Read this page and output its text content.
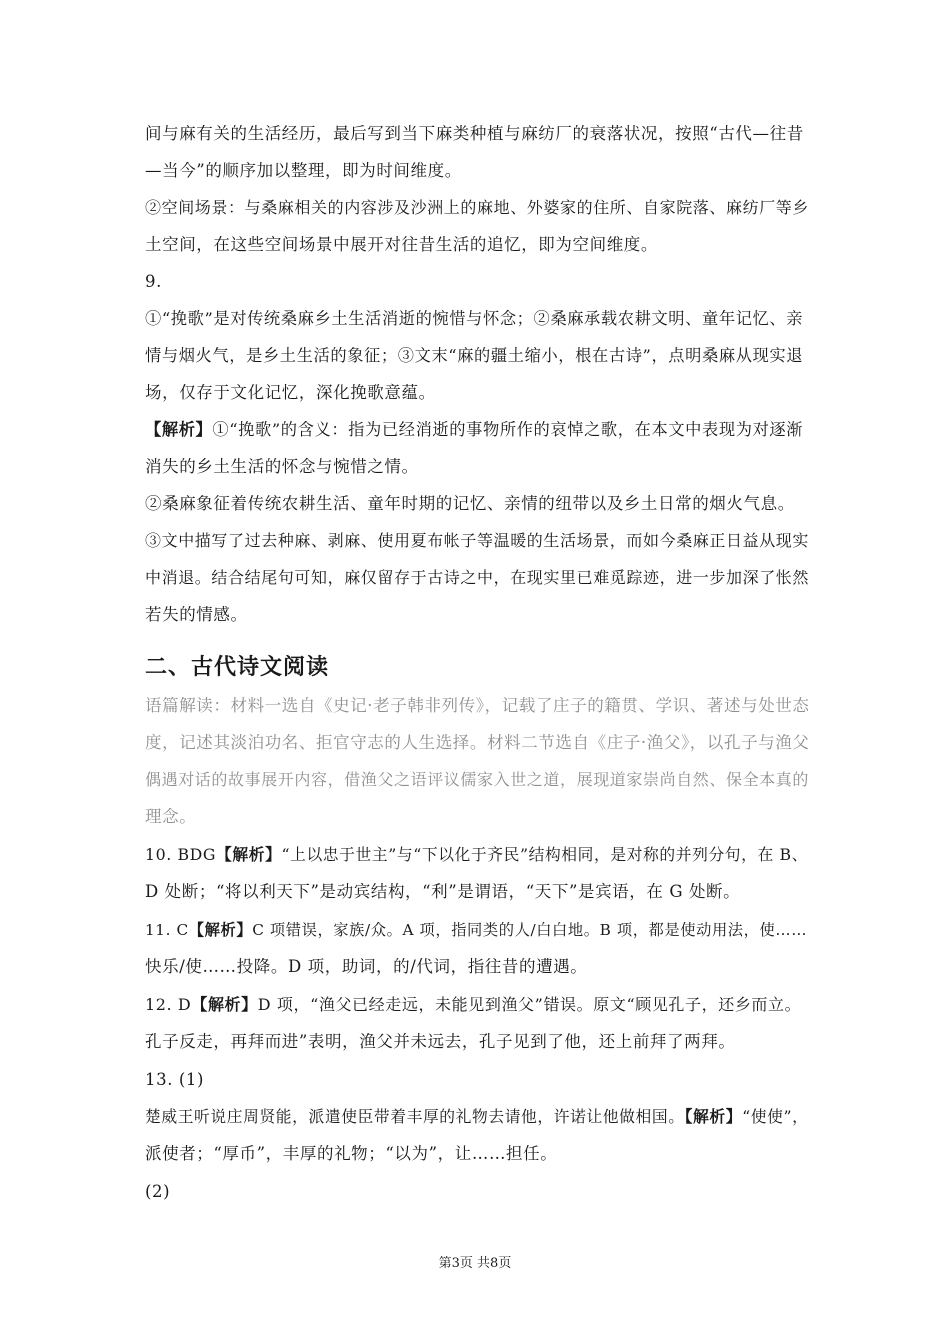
间与麻有关的生活经历，最后写到当下麻类种植与麻纺厂的衰落状况，按照“古代—往昔
—当今”的顺序加以整理，即为时间维度。
②空间场景：与桑麻相关的内容涉及沙洲上的麻地、外婆家的住所、自家院落、麻纺厂等乡
土空间，在这些空间场景中展开对往昔生活的追忆，即为空间维度。
9.
①“挽歌”是对传统桑麻乡土生活消逝的惋惜与怀念；②桑麻承载农耕文明、童年记忆、亲
情与烟火气，是乡土生活的象征；③文末“麻的疆土缩小，根在古诗”，点明桑麻从现实退
场，仅存于文化记忆，深化挽歌意蕴。
【解析】①“挽歌”的含义：指为已经消逝的事物所作的哀悼之歌，在本文中表现为对逐渐
消失的乡土生活的怀念与惋惜之情。
②桑麻象征着传统农耕生活、童年时期的记忆、亲情的纽带以及乡土日常的烟火气息。
③文中描写了过去种麻、剥麻、使用夏布帐子等温暖的生活场景，而如今桑麻正日益从现实
中消退。结合结尾句可知，麻仅留存于古诗之中，在现实里已难觅踪迹，进一步加深了怅然
若失的情感。
二、古代诗文阅读
语篇解读：材料一选自《史记·老子韩非列传》，记载了庄子的籍贯、学识、著述与处世态
度，记述其淡泊功名、拒官守志的人生选择。材料二节选自《庄子·渔父》，以孔子与渔父
偶遇对话的故事展开内容，借渔父之语评议儒家入世之道，展现道家崇尚自然、保全本真的
理念。
10. BDG【解析】“上以忠于世主”与“下以化于齐民”结构相同，是对称的并列分句，在 B、
D 处断；“将以利天下”是动宾结构，“利”是谓语，“天下”是宾语，在 G 处断。
11. C【解析】C 项错误，家族/众。A 项，指同类的人/白白地。B 项，都是使动用法，使……
快乐/使……投降。D 项，助词，的/代词，指往昔的遭遇。
12. D【解析】D 项，“渔父已经走远，未能见到渔父”错误。原文“顾见孔子，还乡而立。
孔子反走，再拜而进”表明，渔父并未远去，孔子见到了他，还上前拜了两拜。
13. (1)
楚威王听说庄周贤能，派遣使臣带着丰厚的礼物去请他，许诺让他做相国。【解析】“使使”，
派使者；“厚币”，丰厚的礼物；“以为”，让……担任。
(2)
第3页 共8页
